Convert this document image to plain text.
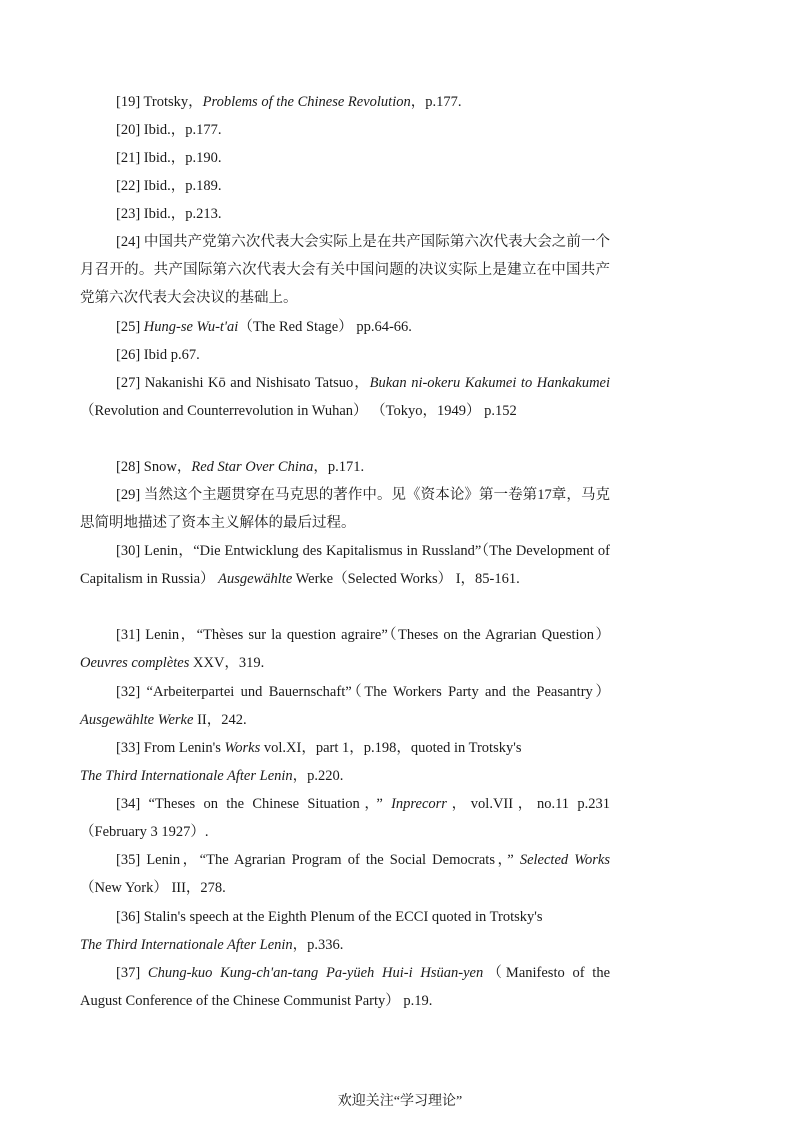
[19] Trotsky，Problems of the Chinese Revolution，p.177.

[20] Ibid.，p.177.

[21] Ibid.，p.190.

[22] Ibid.，p.189.

[23] Ibid.，p.213.

[24] 中国共产党第六次代表大会实际上是在共产国际第六次代表大会之前一个月召开的。共产国际第六次代表大会有关中国问题的决议实际上是建立在中国共产党第六次代表大会决议的基础上。

[25] Hung-se Wu-t'ai（The Red Stage） pp.64-66.

[26] Ibid p.67.

[27] Nakanishi Kō and Nishisato Tatsuo，Bukan ni-okeru Kakumei to Hankakumei（Revolution and Counterrevolution in Wuhan） （Tokyo，1949） p.152

[28] Snow，Red Star Over China，p.171.

[29] 当然这个主题贯穿在马克思的著作中。见《资本论》第一卷第17章，马克思简明地描述了资本主义解体的最后过程。

[30] Lenin，“Die Entwicklung des Kapitalismus in Russland”（The Development of Capitalism in Russia） Ausgewählte Werke（Selected Works） I，85-161.

[31] Lenin，“Thèses sur la question agraire”（Theses on the Agrarian Question） Oeuvres complètes XXV，319.

[32] “Arbeiterpartei und Bauernschaft”（The Workers Party and the Peasantry） Ausgewählte Werke II，242.

[33] From Lenin's Works vol.XI，part 1，p.198，quoted in Trotsky's

The Third Internationale After Lenin，p.220.

[34] “Theses on the Chinese Situation，” Inprecorr，vol.VII，no.11 p.231（February 3 1927）.

[35] Lenin，“The Agrarian Program of the Social Democrats，” Selected Works（New York） III，278.

[36] Stalin's speech at the Eighth Plenum of the ECCI quoted in Trotsky's

The Third Internationale After Lenin，p.336.

[37] Chung-kuo Kung-ch'an-tang Pa-yüeh Hui-i Hsüan-yen（Manifesto of the August Conference of the Chinese Communist Party） p.19.

欢迎关注“学习理论”
